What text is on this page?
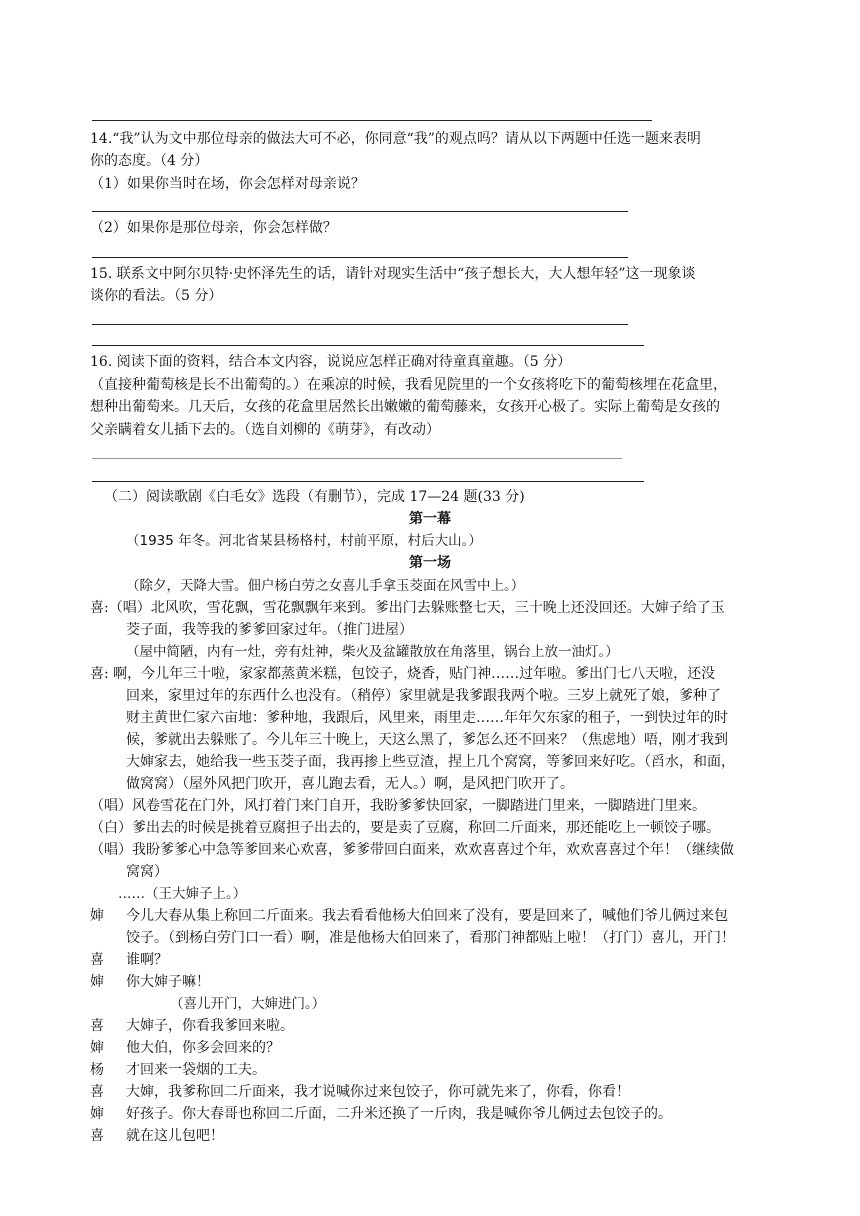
14.“我”认为文中那位母亲的做法大可不必，你同意“我”的观点吗？请从以下两题中任选一题来表明
你的态度。（4 分）
（1）如果你当时在场，你会怎样对母亲说？
（2）如果你是那位母亲，你会怎样做？
15. 联系文中阿尔贝特·史怀泽先生的话，请针对现实生活中“孩子想长大，大人想年轻”这一现象谈
谈你的看法。（5 分）
16. 阅读下面的资料，结合本文内容，说说应怎样正确对待童真童趣。（5 分）
（直接种葡萄核是长不出葡萄的。）在乘凉的时候，我看见院里的一个女孩将吃下的葡萄核埋在花盒里，
想种出葡萄来。几天后，女孩的花盒里居然长出嫩嫩的葡萄藤来，女孩开心极了。实际上葡萄是女孩的
父亲瞒着女儿插下去的。（选自刘柳的《萌芽》，有改动）
（二）阅读歌剧《白毛女》选段（有删节），完成 17—24 题(33 分)
第一幕
（1935 年冬。河北省某县杨格村，村前平原，村后大山。）
第一场
（除夕，天降大雪。佃户杨白劳之女喜儿手拿玉茭面在风雪中上。）
喜:（唱）北风吹，雪花飘，雪花飘飘年来到。爹出门去躲账整七天，三十晚上还没回还。大婶子给了玉
茭子面，我等我的爹爹回家过年。（推门进屋）
（屋中简陋，内有一灶，旁有灶神，柴火及盆罐散放在角落里，锅台上放一油灯。）
喜: 啊，今儿年三十啦，家家都蒸黄米糕，包饺子，烧香，贴门神……过年啦。爹出门七八天啦，还没
回来，家里过年的东西什么也没有。（稍停）家里就是我爹跟我两个啦。三岁上就死了娘，爹种了
财主黄世仁家六亩地：爹种地，我跟后，风里来，雨里走……年年欠东家的租子，一到快过年的时
候，爹就出去躲账了。今儿年三十晚上，天这么黑了，爹怎么还不回来？（焦虑地）唔，刚才我到
大婶家去，她给我一些玉茭子面，我再掺上些豆渣，捏上几个窝窝，等爹回来好吃。（舀水，和面，
做窝窝）（屋外风把门吹开，喜儿跑去看，无人。）啊，是风把门吹开了。
（唱）风卷雪花在门外，风打着门来门自开，我盼爹爹快回家，一脚踏进门里来，一脚踏进门里来。
（白）爹出去的时候是挑着豆腐担子出去的，要是卖了豆腐，称回二斤面来，那还能吃上一顿饺子哪。
（唱）我盼爹爹心中急等爹回来心欢喜，爹爹带回白面来，欢欢喜喜过个年，欢欢喜喜过个年！（继续做
窝窝）
……（王大婶子上。）
婶 今儿大春从集上称回二斤面来。我去看看他杨大伯回来了没有，要是回来了，喊他们爷儿俩过来包
饺子。（到杨白劳门口一看）啊，准是他杨大伯回来了，看那门神都贴上啦！（打门）喜儿，开门！
喜 谁啊？
婶 你大婶子嘛！
（喜儿开门，大婶进门。）
喜 大婶子，你看我爹回来啦。
婶 他大伯，你多会回来的？
杨 才回来一袋烟的工夫。
喜 大婶，我爹称回二斤面来，我才说喊你过来包饺子，你可就先来了，你看，你看！
婶 好孩子。你大春哥也称回二斤面，二升米还换了一斤肉，我是喊你爷儿俩过去包饺子的。
喜 就在这儿包吧！
